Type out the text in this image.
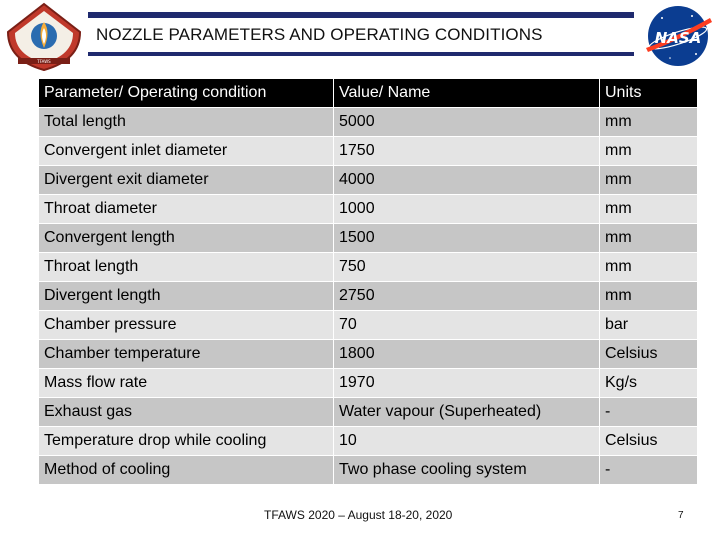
TFAWS
NOZZLE PARAMETERS AND OPERATING CONDITIONS	NASA
Parameter/ Operating condition	Value/ Name	Units
Total length	5000	mm
Convergent inlet diameter	1750	mm
Divergent exit diameter	4000	mm
Throat diameter	1000	mm
Convergent length	1500	mm
Throat length	750	mm
Divergent length	2750	mm
Chamber pressure	70	bar
Chamber temperature	1800	Celsius
Mass flow rate	1970	Kg/s
Exhaust gas	Water vapour (Superheated)	-
Temperature drop while cooling	10	Celsius
Method of cooling	Two phase cooling system	-
TFAWS 2020 – August 18-20, 2020	7
